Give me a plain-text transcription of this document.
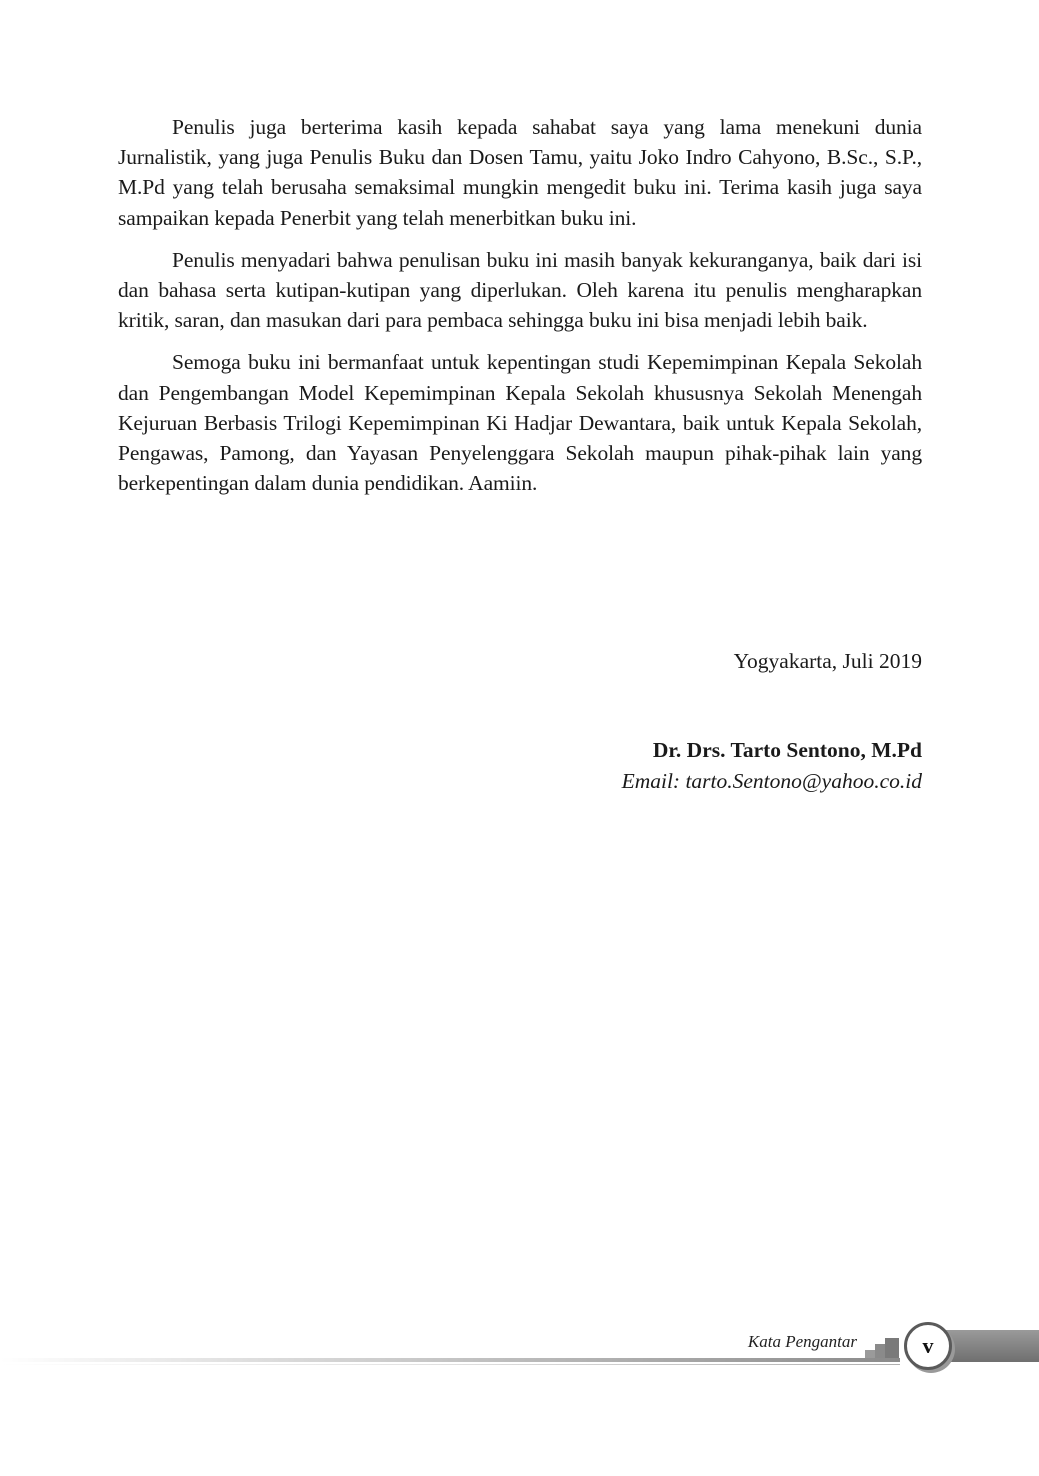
Penulis juga berterima kasih kepada sahabat saya yang lama menekuni dunia Jurnalistik, yang juga Penulis Buku dan Dosen Tamu, yaitu Joko Indro Cahyono, B.Sc., S.P., M.Pd yang telah berusaha semaksimal mungkin mengedit buku ini. Terima kasih juga saya sampaikan kepada Penerbit yang telah menerbitkan buku ini.

Penulis menyadari bahwa penulisan buku ini masih banyak kekuranganya, baik dari isi dan bahasa serta kutipan-kutipan yang diperlukan. Oleh karena itu penulis mengharapkan kritik, saran, dan masukan dari para pembaca sehingga buku ini bisa menjadi lebih baik.

Semoga buku ini bermanfaat untuk kepentingan studi Kepemimpinan Kepala Sekolah dan Pengembangan Model Kepemimpinan Kepala Sekolah khususnya Sekolah Menengah Kejuruan Berbasis Trilogi Kepemimpinan Ki Hadjar Dewantara, baik untuk Kepala Sekolah, Pengawas, Pamong, dan Yayasan Penyelenggara Sekolah maupun pihak-pihak lain yang berkepentingan dalam dunia pendidikan. Aamiin.

Yogyakarta, Juli 2019
Dr. Drs. Tarto Sentono, M.Pd
Email: tarto.Sentono@yahoo.co.id
Kata Pengantar	v
